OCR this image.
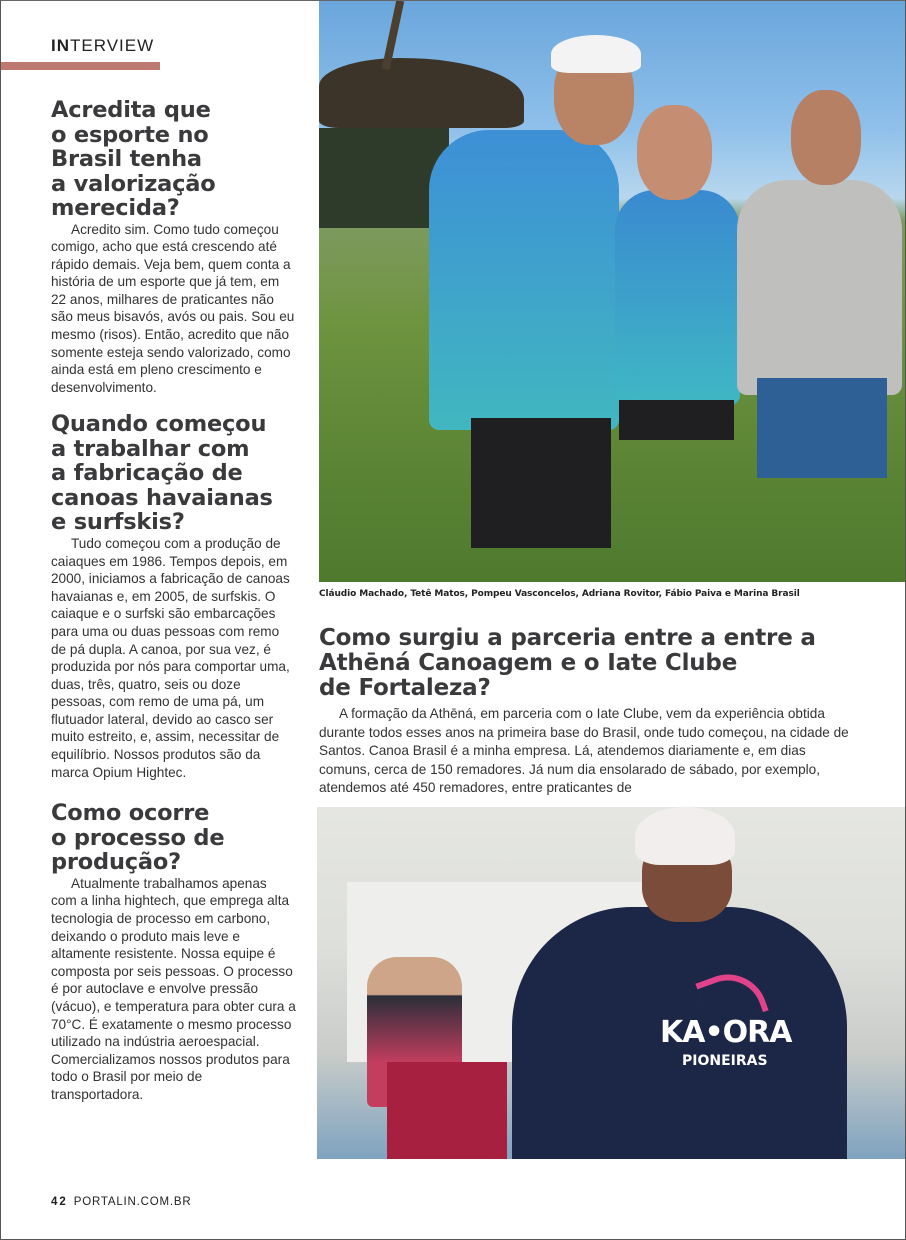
INTERVIEW
Acredita que
o esporte no
Brasil tenha
a valorização
merecida?

Acredito sim. Como tudo começou comigo, acho que está crescendo até rápido demais. Veja bem, quem conta a história de um esporte que já tem, em 22 anos, milhares de praticantes não são meus bisavós, avós ou pais. Sou eu mesmo (risos). Então, acredito que não somente esteja sendo valorizado, como ainda está em pleno crescimento e desenvolvimento.

Quando começou
a trabalhar com
a fabricação de
canoas havaianas
e surfskis?

Tudo começou com a produção de caiaques em 1986. Tempos depois, em 2000, iniciamos a fabricação de canoas havaianas e, em 2005, de surfskis. O caiaque e o surfski são embarcações para uma ou duas pessoas com remo de pá dupla. A canoa, por sua vez, é produzida por nós para comportar uma, duas, três, quatro, seis ou doze pessoas, com remo de uma pá, um flutuador lateral, devido ao casco ser muito estreito, e, assim, necessitar de equilíbrio. Nossos produtos são da marca Opium Hightec.

Como ocorre
o processo de
produção?

Atualmente trabalhamos apenas com a linha hightech, que emprega alta tecnologia de processo em carbono, deixando o produto mais leve e altamente resistente. Nossa equipe é composta por seis pessoas. O processo é por autoclave e envolve pressão (vácuo), e temperatura para obter cura a 70°C. É exatamente o mesmo processo utilizado na indústria aeroespacial. Comercializamos nossos produtos para todo o Brasil por meio de transportadora.

Cláudio Machado, Tetê Matos, Pompeu Vasconcelos, Adriana Rovitor, Fábio Paiva e Marina Brasil
Como surgiu a parceria entre a entre a
Athēná Canoagem e o Iate Clube
de Fortaleza?

A formação da Athēná, em parceria com o Iate Clube, vem da experiência obtida durante todos esses anos na primeira base do Brasil, onde tudo começou, na cidade de Santos. Canoa Brasil é a minha empresa. Lá, atendemos diariamente e, em dias comuns, cerca de 150 remadores. Já num dia ensolarado de sábado, por exemplo, atendemos até 450 remadores, entre praticantes de

KA•ORA
PIONEIRAS
42 PORTALIN.COM.BR
